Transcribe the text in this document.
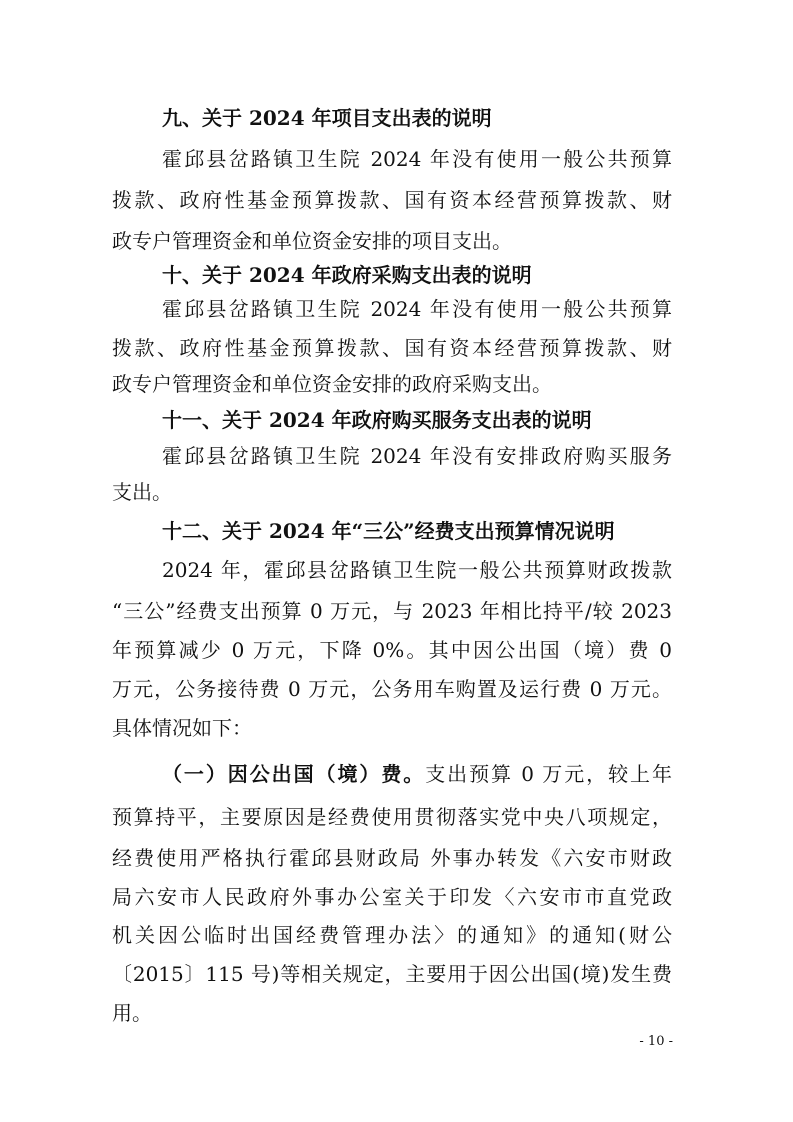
九、关于 2024 年项目支出表的说明
霍邱县岔路镇卫生院 2024 年没有使用一般公共预算
拨款、政府性基金预算拨款、国有资本经营预算拨款、财
政专户管理资金和单位资金安排的项目支出。
十、关于 2024 年政府采购支出表的说明
霍邱县岔路镇卫生院 2024 年没有使用一般公共预算
拨款、政府性基金预算拨款、国有资本经营预算拨款、财
政专户管理资金和单位资金安排的政府采购支出。
十一、关于 2024 年政府购买服务支出表的说明
霍邱县岔路镇卫生院 2024 年没有安排政府购买服务
支出。
十二、关于 2024 年“三公”经费支出预算情况说明
2024 年，霍邱县岔路镇卫生院一般公共预算财政拨款
“三公”经费支出预算 0 万元，与 2023 年相比持平/较 2023
年预算减少 0 万元，下降 0%。其中因公出国（境）费 0
万元，公务接待费 0 万元，公务用车购置及运行费 0 万元。
具体情况如下：
（一）因公出国（境）费。支出预算 0 万元，较上年
预算持平，主要原因是经费使用贯彻落实党中央八项规定，
经费使用严格执行霍邱县财政局 外事办转发《六安市财政
局六安市人民政府外事办公室关于印发〈六安市市直党政
机关因公临时出国经费管理办法〉的通知》的通知(财公
〔2015〕115 号)等相关规定，主要用于因公出国(境)发生费
用。
- 10 -
